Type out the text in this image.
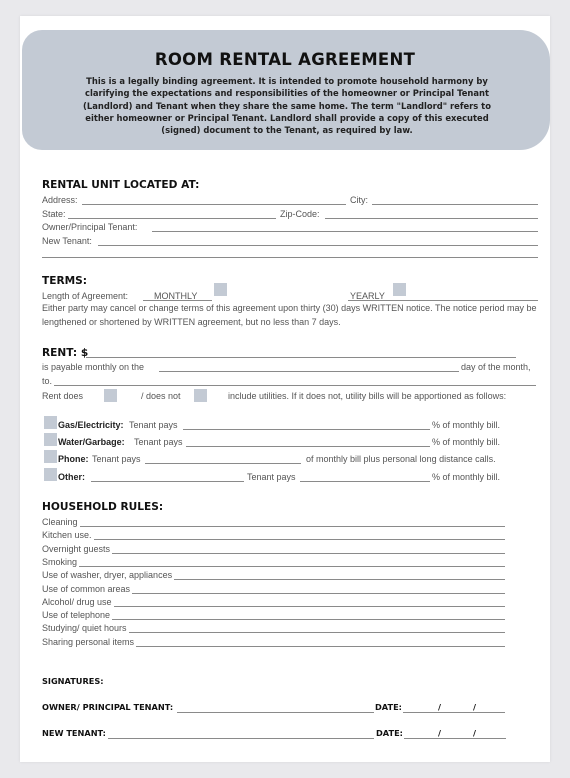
ROOM RENTAL AGREEMENT
This is a legally binding agreement. It is intended to promote household harmony by clarifying the expectations and responsibilities of the homeowner or Principal Tenant (Landlord) and Tenant when they share the same home. The term "Landlord" refers to either homeowner or Principal Tenant. Landlord shall provide a copy of this executed (signed) document to the Tenant, as required by law.
RENTAL UNIT LOCATED AT:
Address:	City:
State:	Zip-Code:
Owner/Principal Tenant:
New Tenant:
TERMS:
Length of Agreement:	MONTHLY	YEARLY
Either party may cancel or change terms of this agreement upon thirty (30) days WRITTEN notice. The notice period may be lengthened or shortened by WRITTEN agreement, but no less than 7 days.
RENT: $
is payable monthly on the	day of the month,
to.
Rent does	/ does not	include utilities. If it does not, utility bills will be apportioned as follows:
Gas/Electricity: Tenant pays	% of monthly bill.
Water/Garbage: Tenant pays	% of monthly bill.
Phone: Tenant pays	of monthly bill plus personal long distance calls.
Other:	Tenant pays	% of monthly bill.
HOUSEHOLD RULES:
Cleaning
Kitchen use.
Overnight guests
Smoking
Use of washer, dryer, appliances
Use of common areas
Alcohol/ drug use
Use of telephone
Studying/ quiet hours
Sharing personal items
SIGNATURES:
OWNER/ PRINCIPAL TENANT:	DATE:	/	/
NEW TENANT:	DATE:	/	/
